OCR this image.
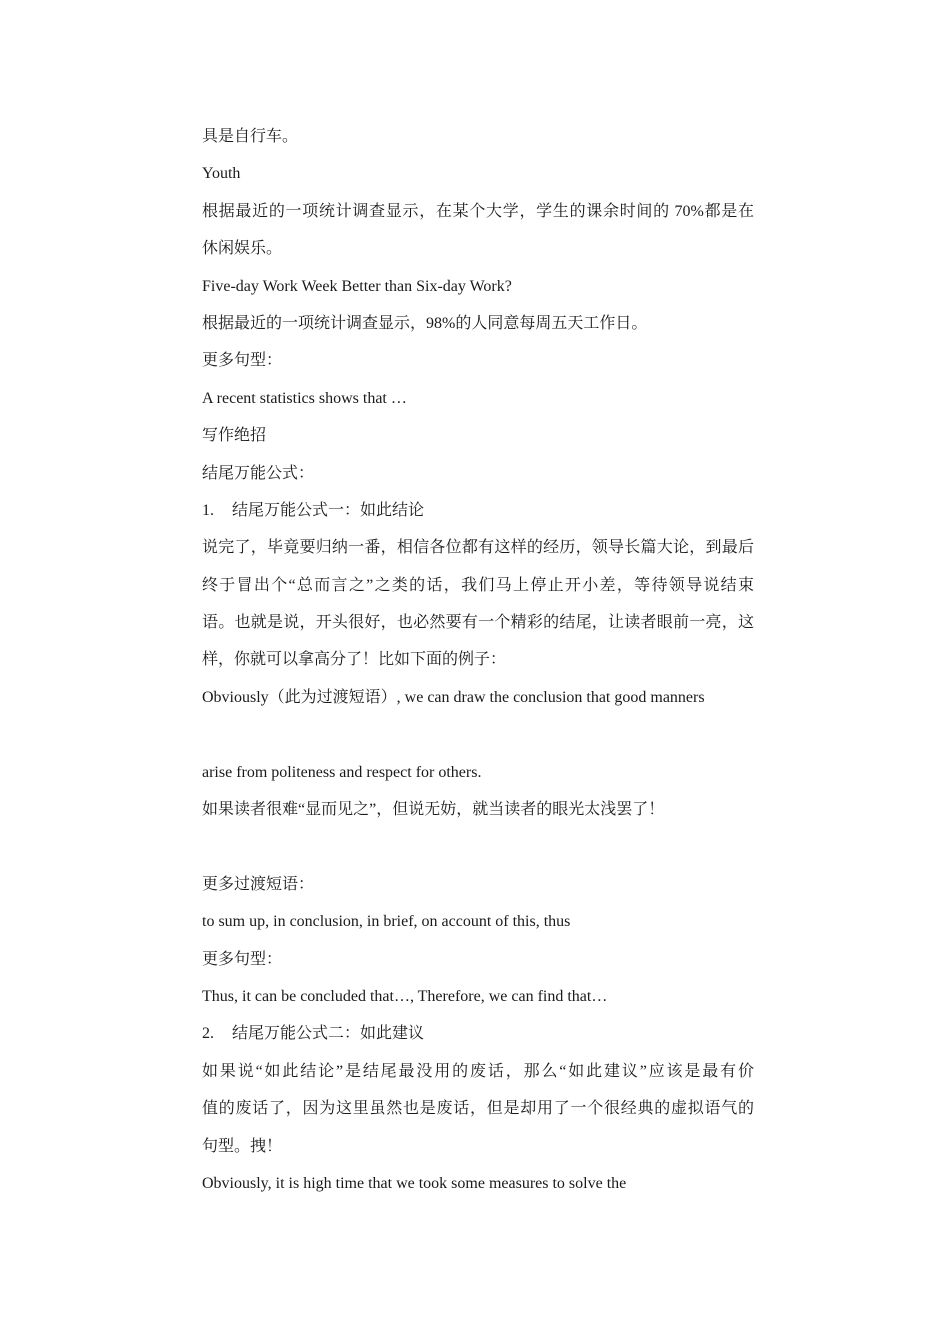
具是自行车。

Youth

根据最近的一项统计调查显示，在某个大学，学生的课余时间的 70%都是在

休闲娱乐。

Five-day Work Week Better than Six-day Work?

根据最近的一项统计调查显示，98%的人同意每周五天工作日。

更多句型：

A recent statistics shows that …

写作绝招

结尾万能公式：

1. 结尾万能公式一：如此结论

说完了，毕竟要归纳一番，相信各位都有这样的经历，领导长篇大论，到最后

终于冒出个“总而言之”之类的话，我们马上停止开小差，等待领导说结束

语。也就是说，开头很好，也必然要有一个精彩的结尾，让读者眼前一亮，这

样，你就可以拿高分了！比如下面的例子：

Obviously（此为过渡短语）, we can draw the conclusion that good manners

arise from politeness and respect for others.

如果读者很难“显而见之”，但说无妨，就当读者的眼光太浅罢了！

更多过渡短语：

to sum up, in conclusion, in brief, on account of this, thus

更多句型：

Thus, it can be concluded that…, Therefore, we can find that…

2. 结尾万能公式二：如此建议

如果说“如此结论”是结尾最没用的废话，那么“如此建议”应该是最有价

值的废话了，因为这里虽然也是废话，但是却用了一个很经典的虚拟语气的

句型。拽！

Obviously, it is high time that we took some measures to solve the
